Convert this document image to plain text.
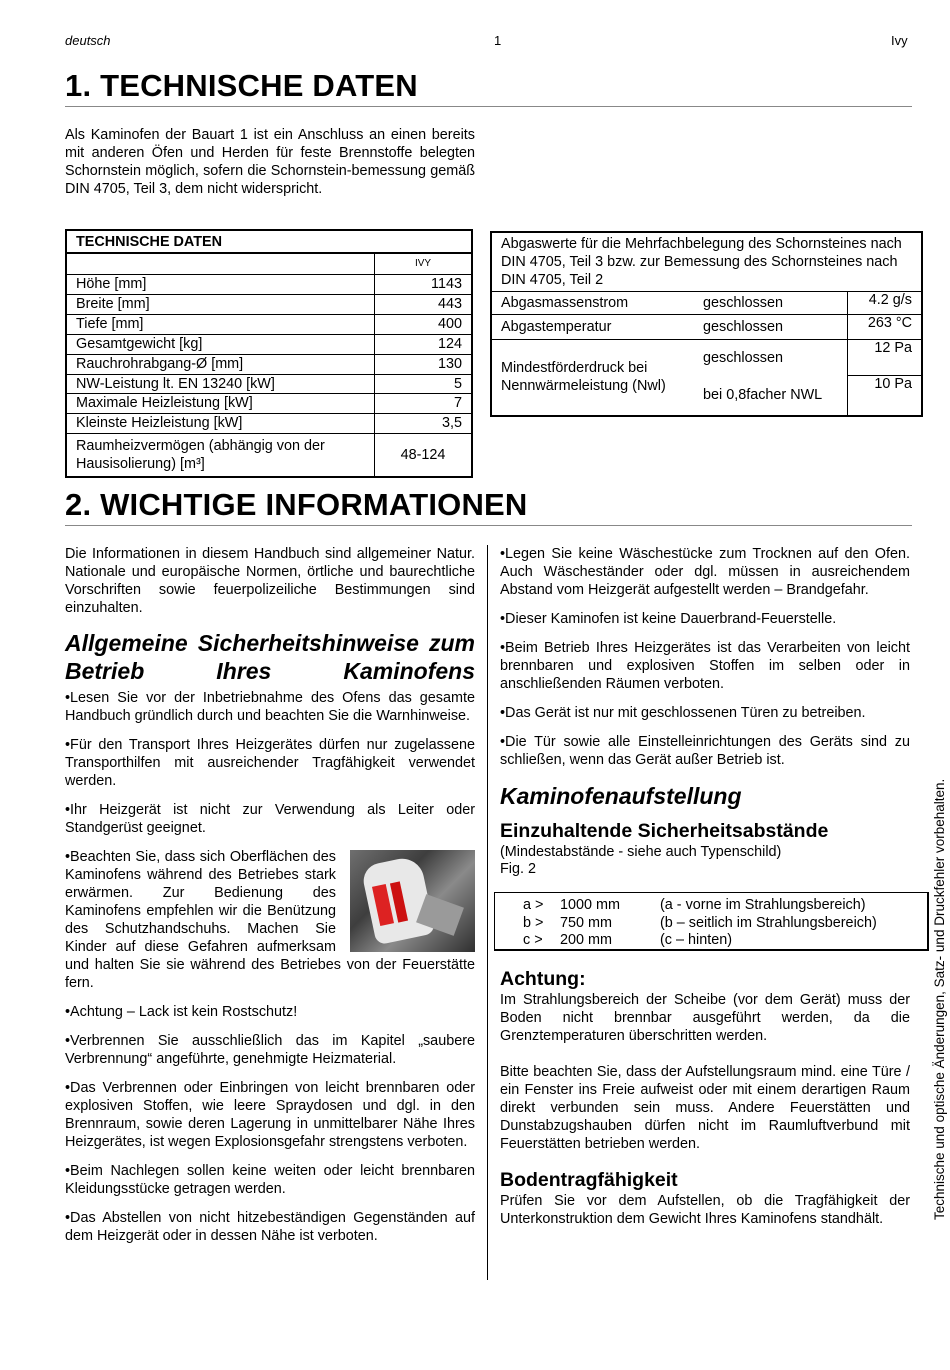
deutsch	1	Ivy
1. TECHNISCHE DATEN
Als Kaminofen der Bauart 1 ist ein Anschluss an einen bereits mit anderen Öfen und Herden für feste Brennstoffe belegten Schornstein möglich, sofern die Schornstein-bemessung gemäß DIN 4705, Teil 3, dem nicht widerspricht.
TECHNISCHE DATEN	
	IVY
Höhe [mm]	1143
Breite [mm]	443
Tiefe [mm]	400
Gesamtgewicht [kg]	124
Rauchrohrabgang-Ø [mm]	130
NW-Leistung lt. EN 13240 [kW]	5
Maximale Heizleistung [kW]	7
Kleinste Heizleistung [kW]	3,5
Raumheizvermögen (abhängig von der Hausisolierung) [m³]	48-124
Abgaswerte für die Mehrfachbelegung des Schornsteines nach DIN 4705, Teil 3 bzw. zur Bemessung des Schornsteines nach DIN 4705, Teil 2		
Abgasmassenstrom	geschlossen	4.2 g/s
Abgastemperatur	geschlossen	263 °C
Mindestförderdruck bei Nennwärmeleistung (Nwl)	geschlossen	12 Pa
	bei 0,8facher NWL	10 Pa
2. WICHTIGE INFORMATIONEN

Die Informationen in diesem Handbuch sind allgemeiner Natur. Nationale und europäische Normen, örtliche und baurechtliche Vorschriften sowie feuerpolizeiliche Bestimmungen sind einzuhalten.

Allgemeine Sicherheitshinweise zum Betrieb Ihres Kaminofens
•Lesen Sie vor der Inbetriebnahme des Ofens das gesamte Handbuch gründlich durch und beachten Sie die Warnhinweise.
•Für den Transport Ihres Heizgerätes dürfen nur zugelassene Transporthilfen mit ausreichender Tragfähigkeit verwendet werden.
•Ihr Heizgerät ist nicht zur Verwendung als Leiter oder Standgerüst geeignet.
•Beachten Sie, dass sich Oberflächen des Kaminofens während des Betriebes stark erwärmen. Zur Bedienung des Kaminofens empfehlen wir die Benützung des Schutzhandschuhs. Machen Sie Kinder auf diese Gefahren aufmerksam und halten Sie sie während des Betriebes von der Feuerstätte fern.
•Achtung – Lack ist kein Rostschutz!
•Verbrennen Sie ausschließlich das im Kapitel „saubere Verbrennung“ angeführte, genehmigte Heizmaterial.
•Das Verbrennen oder Einbringen von leicht brennbaren oder explosiven Stoffen, wie leere Spraydosen und dgl. in den Brennraum, sowie deren Lagerung in unmittelbarer Nähe Ihres Heizgerätes, ist wegen Explosionsgefahr strengstens verboten.
•Beim Nachlegen sollen keine weiten oder leicht brennbaren Kleidungsstücke getragen werden.
•Das Abstellen von nicht hitzebeständigen Gegenständen auf dem Heizgerät oder in dessen Nähe ist verboten.
•Legen Sie keine Wäschestücke zum Trocknen auf den Ofen. Auch Wäscheständer oder dgl. müssen in ausreichendem Abstand vom Heizgerät aufgestellt werden – Brandgefahr.
•Dieser Kaminofen ist keine Dauerbrand-Feuerstelle.
•Beim Betrieb Ihres Heizgerätes ist das Verarbeiten von leicht brennbaren und explosiven Stoffen im selben oder in anschließenden Räumen verboten.
•Das Gerät ist nur mit geschlossenen Türen zu betreiben.
•Die Tür sowie alle Einstelleinrichtungen des Geräts sind zu schließen, wenn das Gerät außer Betrieb ist.
Kaminofenaufstellung
Einzuhaltende Sicherheitsabstände
(Mindestabstände - siehe auch Typenschild)
Fig. 2
a > 1000 mm	(a - vorne im Strahlungsbereich)
b > 750 mm	(b – seitlich im Strahlungsbereich)
c > 200 mm	(c – hinten)
Achtung:

Im Strahlungsbereich der Scheibe (vor dem Gerät) muss der Boden nicht brennbar ausgeführt werden, da die Grenztemperaturen überschritten werden.

Bitte beachten Sie, dass der Aufstellungsraum mind. eine Türe / ein Fenster ins Freie aufweist oder mit einem derartigen Raum direkt verbunden sein muss. Andere Feuerstätten und Dunstabzugshauben dürfen nicht im Raumluftverbund mit Feuerstätten betrieben werden.

Bodentragfähigkeit

Prüfen Sie vor dem Aufstellen, ob die Tragfähigkeit der Unterkonstruktion dem Gewicht Ihres Kaminofens standhält.	Technische und optische Änderungen, Satz- und Druckfehler vorbehalten.
